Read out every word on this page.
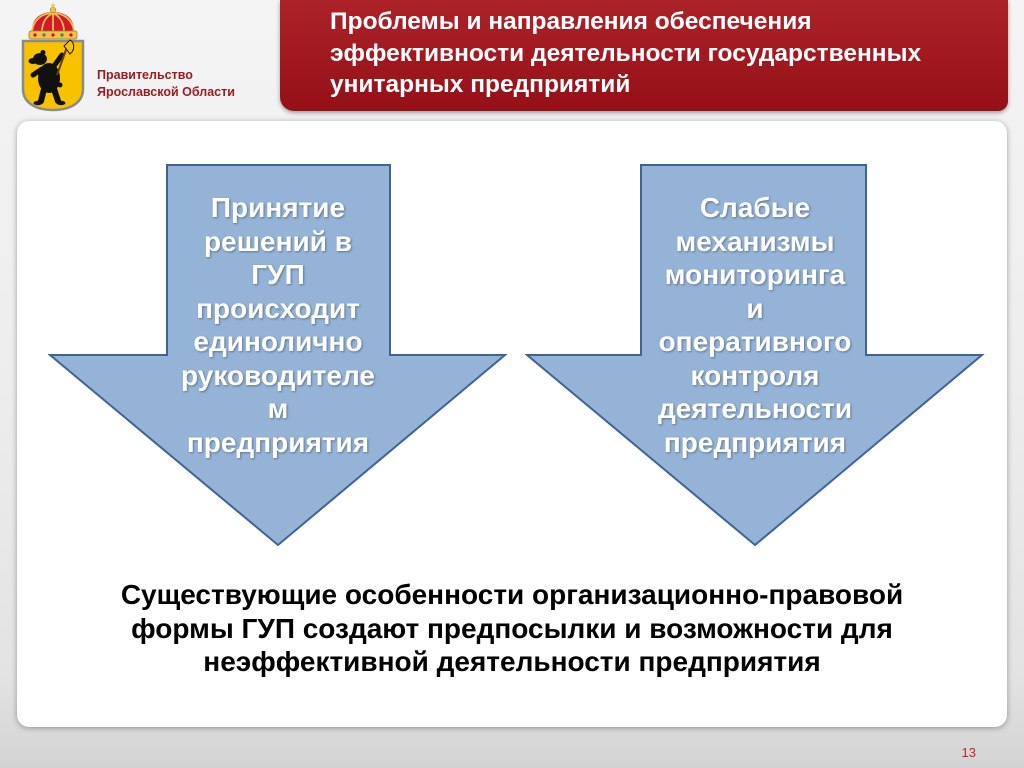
Правительство
Ярославской Области
Проблемы и направления обеспечения
эффективности деятельности государственных
унитарных предприятий
Принятие
решений в
ГУП
происходит
единолично
руководителе
м
предприятия
Слабые
механизмы
мониторинга
и
оперативного
контроля
деятельности
предприятия
Существующие особенности организационно-правовой
формы ГУП создают предпосылки и возможности для
неэффективной деятельности предприятия
13
